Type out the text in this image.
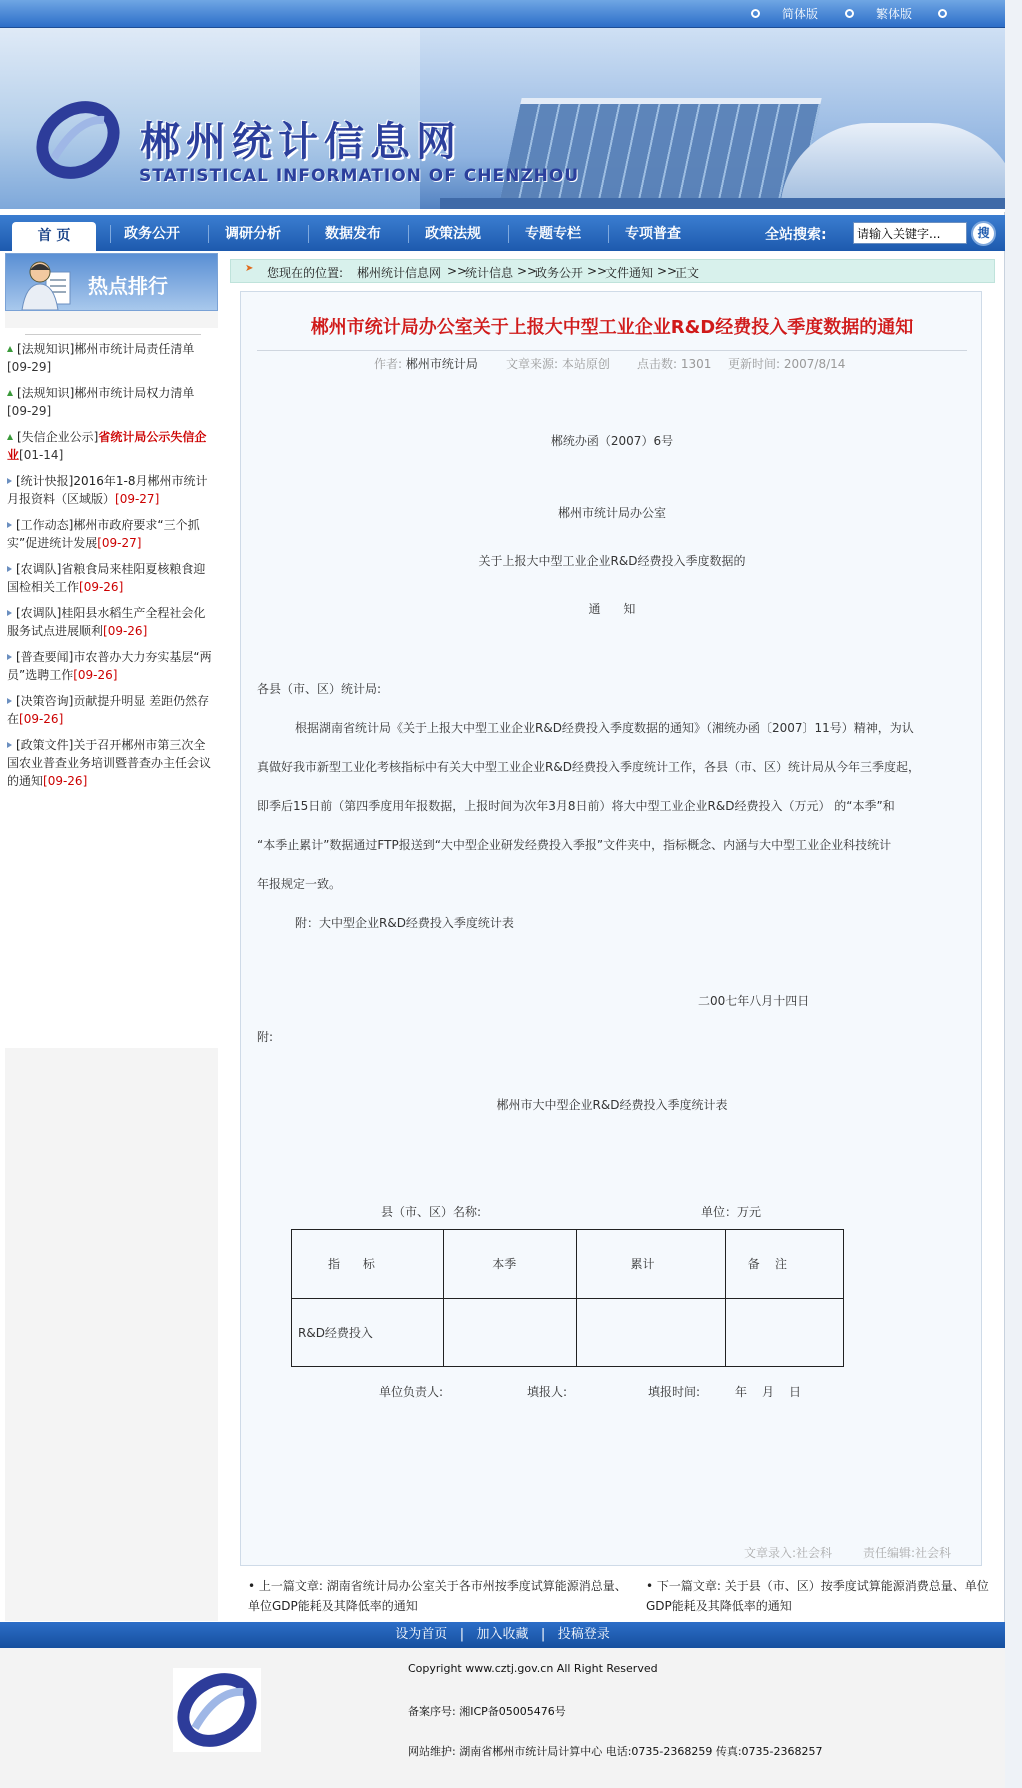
简体版	繁体版
郴州统计信息网
STATISTICAL INFORMATION OF CHENZHOU
首 页	政务公开	调研分析	数据发布	政策法规	专题专栏	专项普查	全站搜索:
请输入关键字...	搜
热点排行
[法规知识]郴州市统计局责任清单
[09-29]
[法规知识]郴州市统计局权力清单
[09-29]
[失信企业公示]省统计局公示失信企业[01-14]
[统计快报]2016年1-8月郴州市统计月报资料（区域版）[09-27]
[工作动态]郴州市政府要求“三个抓实”促进统计发展[09-27]
[农调队]省粮食局来桂阳夏核粮食迎国检相关工作[09-26]
[农调队]桂阳县水稻生产全程社会化服务试点进展顺利[09-26]
[普查要闻]市农普办大力夯实基层“两员”选聘工作[09-26]
[决策咨询]贡献提升明显 差距仍然存在[09-26]
[政策文件]关于召开郴州市第三次全国农业普查业务培训暨普查办主任会议的通知[09-26]
➤ 您现在的位置: 郴州统计信息网 >>
统计信息 >>
政务公开 >>
文件通知 >>
正文
郴州市统计局办公室关于上报大中型工业企业R&D经费投入季度数据的通知
作者: 郴州市统计局 文章来源: 本站原创 点击数: 1301 更新时间: 2007/8/14
郴统办函（2007）6号
郴州市统计局办公室
关于上报大中型工业企业R&D经费投入季度数据的
通      知
各县（市、区）统计局:
根据湖南省统计局《关于上报大中型工业企业R&D经费投入季度数据的通知》（湘统办函〔2007〕11号）精神，为认
真做好我市新型工业化考核指标中有关大中型工业企业R&D经费投入季度统计工作，各县（市、区）统计局从今年三季度起，
即季后15日前（第四季度用年报数据，上报时间为次年3月8日前）将大中型工业企业R&D经费投入（万元） 的“本季”和
“本季止累计”数据通过FTP报送到“大中型企业研发经费投入季报”文件夹中，指标概念、内涵与大中型工业企业科技统计
年报规定一致。
附：大中型企业R&D经费投入季度统计表
二00七年八月十四日
附:
郴州市大中型企业R&D经费投入季度统计表
县（市、区）名称:	单位：万元
指      标	本季	累计	备    注
R&D经费投入			
单位负责人:	填报人:	填报时间:	年 月 日
文章录入:社会科	责任编辑:社会科
• 上一篇文章: 湖南省统计局办公室关于各市州按季度试算能源消总量、单位GDP能耗及其降低率的通知
• 下一篇文章: 关于县（市、区）按季度试算能源消费总量、单位GDP能耗及其降低率的通知
设为首页   |   加入收藏   |   投稿登录
Copyright www.cztj.gov.cn All Right Reserved
备案序号: 湘ICP备05005476号
网站维护: 湖南省郴州市统计局计算中心 电话:0735-2368259 传真:0735-2368257
